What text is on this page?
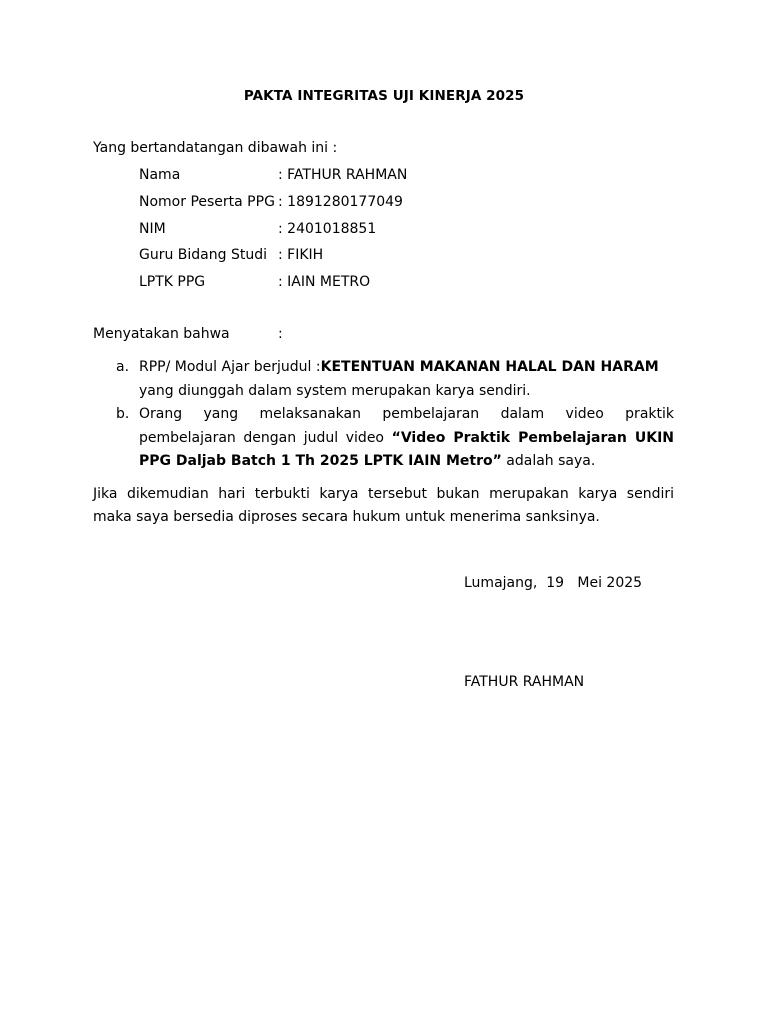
PAKTA INTEGRITAS UJI KINERJA 2025
Yang bertandatangan dibawah ini :
Nama	: FATHUR RAHMAN
Nomor Peserta PPG : 1891280177049
NIM	: 2401018851
Guru Bidang Studi : FIKIH
LPTK PPG	: IAIN METRO
Menyatakan bahwa	:
a. RPP/ Modul Ajar berjudul :KETENTUAN MAKANAN HALAL DAN HARAM
yang diunggah dalam system merupakan karya sendiri.
b. Orang yang melaksanakan pembelajaran dalam video praktik
pembelajaran dengan judul video “Video Praktik Pembelajaran UKIN
PPG Daljab Batch 1 Th 2025 LPTK IAIN Metro” adalah saya.
Jika dikemudian hari terbukti karya tersebut bukan merupakan karya sendiri
maka saya bersedia diproses secara hukum untuk menerima sanksinya.
Lumajang,  19   Mei 2025
FATHUR RAHMAN
